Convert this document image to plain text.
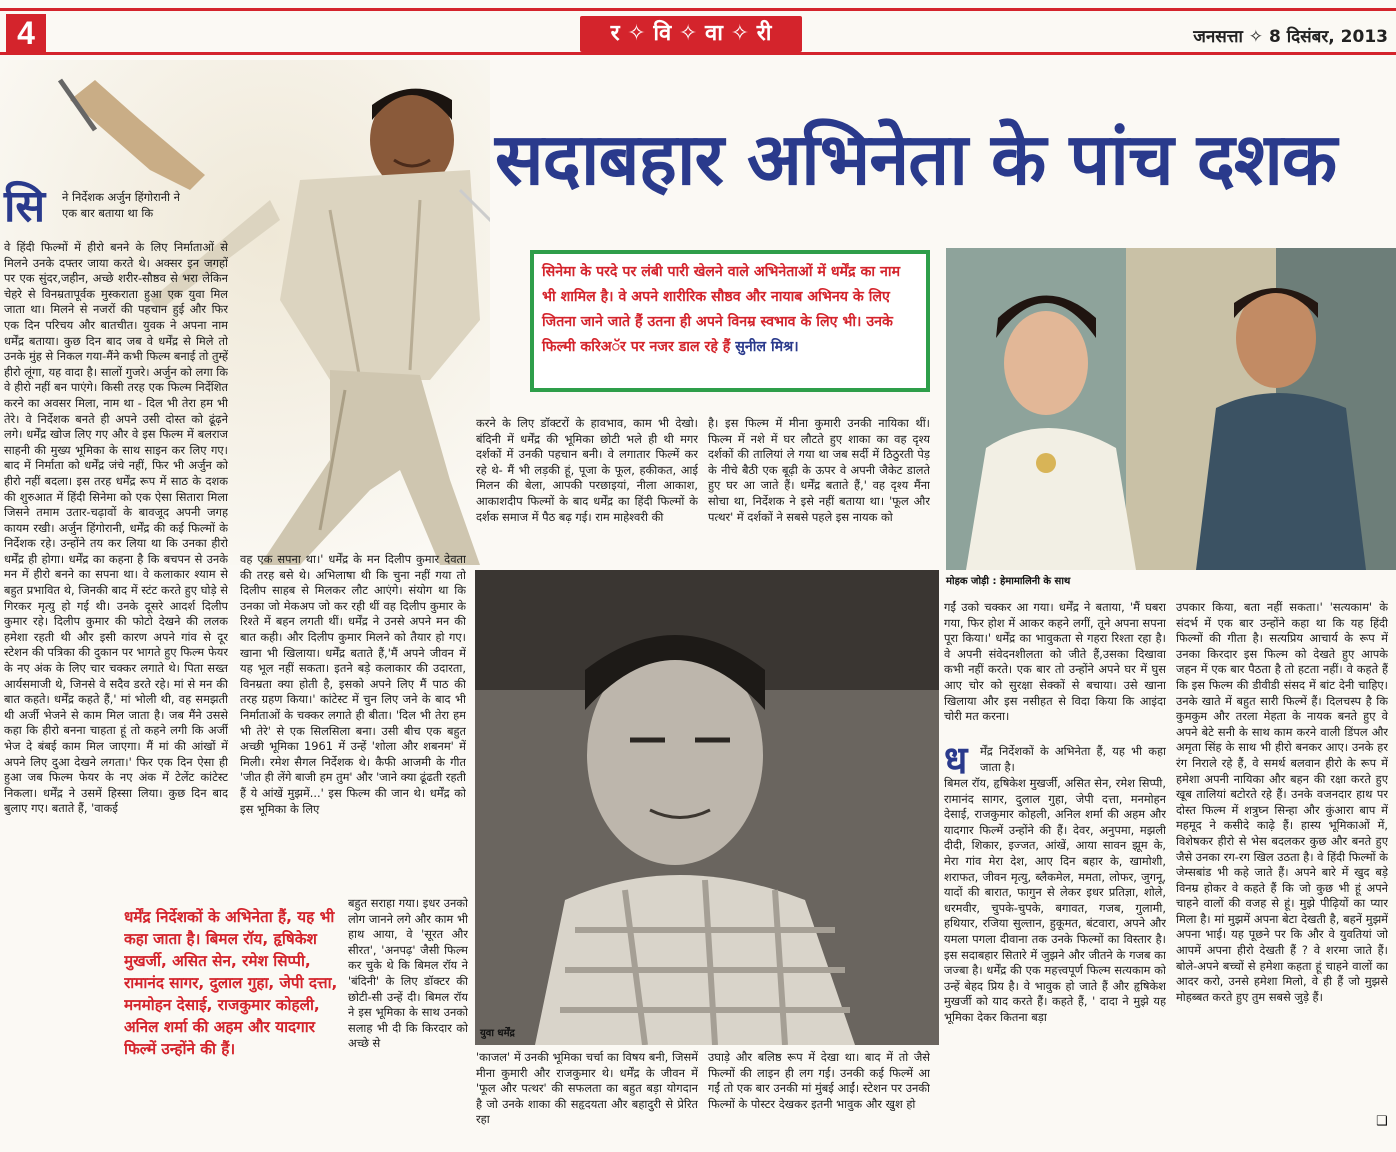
4	र ✧ वि ✧ वा ✧ री	जनसत्ता ✧ 8 दिसंबर, 2013
सदाबहार अभिनेता के पांच दशक
सिनेमा के परदे पर लंबी पारी खेलने वाले अभिनेताओं में धर्मेंद्र का नाम भी शामिल है। वे अपने शारीरिक सौष्ठव और नायाब अभिनय के लिए जितना जाने जाते हैं उतना ही अपने विनम्र स्वभाव के लिए भी। उनके फिल्मी करिअॅर पर नजर डाल रहे हैं सुनील मिश्र।
मोहक जोड़ी : हेमामालिनी के साथ
युवा धर्मेंद्र
सि ने निर्देशक अर्जुन हिंगोरानी ने एक बार बताया था कि
वे हिंदी फिल्मों में हीरो बनने के लिए निर्माताओं से मिलने उनके दफ्तर जाया करते थे। अक्सर इन जगहों पर एक सुंदर,जहीन, अच्छे शरीर-सौष्ठव से भरा लेकिन चेहरे से विनम्रतापूर्वक मुस्कराता हुआ एक युवा मिल जाता था। मिलने से नजरों की पहचान हुई और फिर एक दिन परिचय और बातचीत। युवक ने अपना नाम धर्मेंद्र बताया। कुछ दिन बाद जब वे धर्मेंद्र से मिले तो उनके मुंह से निकल गया-मैंने कभी फिल्म बनाई तो तुम्हें हीरो लूंगा, यह वादा है। सालों गुजरे। अर्जुन को लगा कि वे हीरो नहीं बन पाएंगे। किसी तरह एक फिल्म निर्देशित करने का अवसर मिला, नाम था - दिल भी तेरा हम भी तेरे। वे निर्देशक बनते ही अपने उसी दोस्त को ढूंढ़ने लगे। धर्मेंद्र खोज लिए गए और वे इस फिल्म में बलराज साहनी की मुख्य भूमिका के साथ साइन कर लिए गए। बाद में निर्माता को धर्मेंद्र जंचे नहीं, फिर भी अर्जुन को हीरो नहीं बदला। इस तरह धर्मेंद्र रूप में साठ के दशक की शुरुआत में हिंदी सिनेमा को एक ऐसा सितारा मिला जिसने तमाम उतार-चढ़ावों के बावजूद अपनी जगह कायम रखी। अर्जुन हिंगोरानी, धर्मेंद्र की कई फिल्मों के निर्देशक रहे। उन्होंने तय कर लिया था कि उनका हीरो धर्मेंद्र ही होगा। धर्मेंद्र का कहना है कि बचपन से उनके मन में हीरो बनने का सपना था। वे कलाकार श्याम से बहुत प्रभावित थे, जिनकी बाद में स्टंट करते हुए घोड़े से गिरकर मृत्यु हो गई थी। उनके दूसरे आदर्श दिलीप कुमार रहे। दिलीप कुमार की फोटो देखने की ललक हमेशा रहती थी और इसी कारण अपने गांव से दूर स्टेशन की पत्रिका की दुकान पर भागते हुए फिल्म फेयर के नए अंक के लिए चार चक्कर लगाते थे। पिता सख्त आर्यसमाजी थे, जिनसे वे सदैव डरते रहे। मां से मन की बात कहते। धर्मेंद्र कहते हैं,' मां भोली थी, वह समझती थी अर्जी भेजने से काम मिल जाता है। जब मैंने उससे कहा कि हीरो बनना चाहता हूं तो कहने लगी कि अर्जी भेज दे बंबई काम मिल जाएगा। मैं मां की आंखों में अपने लिए दुआ देखने लगता।' फिर एक दिन ऐसा ही हुआ जब फिल्म फेयर के नए अंक में टेलेंट कांटेस्ट निकला। धर्मेंद्र ने उसमें हिस्सा लिया। कुछ दिन बाद बुलाए गए। बताते हैं, 'वाकई
वह एक सपना था।' धर्मेंद्र के मन दिलीप कुमार देवता की तरह बसे थे। अभिलाषा थी कि चुना नहीं गया तो दिलीप साहब से मिलकर लौट आएंगे। संयोग था कि उनका जो मेकअप जो कर रही थीं वह दिलीप कुमार के रिश्ते में बहन लगती थीं। धर्मेंद्र ने उनसे अपने मन की बात कही। और दिलीप कुमार मिलने को तैयार हो गए। खाना भी खिलाया। धर्मेंद्र बताते हैं,'मैं अपने जीवन में यह भूल नहीं सकता। इतने बड़े कलाकार की उदारता, विनम्रता क्या होती है, इसको अपने लिए मैं पाठ की तरह ग्रहण किया।' कांटेस्ट में चुन लिए जने के बाद भी निर्माताओं के चक्कर लगाते ही बीता। 'दिल भी तेरा हम भी तेरे' से एक सिलसिला बना। उसी बीच एक बहुत अच्छी भूमिका 1961 में उन्हें 'शोला और शबनम' में मिली। रमेश सैगल निर्देशक थे। कैफी आजमी के गीत 'जीत ही लेंगे बाजी हम तुम' और 'जाने क्या ढूंढती रहती हैं ये आंखें मुझमें...' इस फिल्म की जान थे। धर्मेंद्र को इस भूमिका के लिए
बहुत सराहा गया। इधर उनको लोग जानने लगे और काम भी हाथ आया, वे 'सूरत और सीरत', 'अनपढ़' जैसी फिल्म कर चुके थे कि बिमल रॉय ने 'बंदिनी' के लिए डॉक्टर की छोटी-सी उन्हें दी। बिमल रॉय ने इस भूमिका के साथ उनको सलाह भी दी कि किरदार को अच्छे से
धर्मेंद्र निर्देशकों के अभिनेता हैं, यह भी कहा जाता है। बिमल रॉय, हृषिकेश मुखर्जी, असित सेन, रमेश सिप्पी, रामानंद सागर, दुलाल गुहा, जेपी दत्ता, मनमोहन देसाई, राजकुमार कोहली, अनिल शर्मा की अहम और यादगार फिल्में उन्होंने की हैं।
करने के लिए डॉक्टरों के हावभाव, काम भी देखो। बंदिनी में धर्मेंद्र की भूमिका छोटी भले ही थी मगर दर्शकों में उनकी पहचान बनी। वे लगातार फिल्में कर रहे थे- मैं भी लड़की हूं, पूजा के फूल, हकीकत, आई मिलन की बेला, आपकी परछाइयां, नीला आकाश, आकाशदीप फिल्मों के बाद धर्मेंद्र का हिंदी फिल्मों के दर्शक समाज में पैठ बढ़ गई। राम माहेश्वरी की
'काजल' में उनकी भूमिका चर्चा का विषय बनी, जिसमें मीना कुमारी और राजकुमार थे। धर्मेंद्र के जीवन में 'फूल और पत्थर' की सफलता का बहुत बड़ा योगदान है जो उनके शाका की सहृदयता और बहादुरी से प्रेरित रहा
है। इस फिल्म में मीना कुमारी उनकी नायिका थीं। फिल्म में नशे में घर लौटते हुए शाका का वह दृश्य दर्शकों की तालियां ले गया था जब सर्दी में ठिठुरती पेड़ के नीचे बैठी एक बूढ़ी के ऊपर वे अपनी जैकेट डालते हुए घर आ जाते हैं। धर्मेंद्र बताते हैं,' वह दृश्य मैंना सोचा था, निर्देशक ने इसे नहीं बताया था। 'फूल और पत्थर' में दर्शकों ने सबसे पहले इस नायक को
उघाड़े और बलिष्ठ रूप में देखा था। बाद में तो जैसे फिल्मों की लाइन ही लग गई। उनकी कई फिल्में आ गईं तो एक बार उनकी मां मुंबई आईं। स्टेशन पर उनकी फिल्मों के पोस्टर देखकर इतनी भावुक और खुश हो
गईं उको चक्कर आ गया। धर्मेंद्र ने बताया, 'मैं घबरा गया, फिर होश में आकर कहने लगीं, तूने अपना सपना पूरा किया।' धर्मेंद्र का भावुकता से गहरा रिश्ता रहा है। वे अपनी संवेदनशीलता को जीते हैं,उसका दिखावा कभी नहीं करते। एक बार तो उन्होंने अपने घर में घुस आए चोर को सुरक्षा सेक्कों से बचाया। उसे खाना खिलाया और इस नसीहत से विदा किया कि आइंदा चोरी मत करना।
ध र्मेंद्र निर्देशकों के अभिनेता हैं, यह भी कहा जाता है।
बिमल रॉय, हृषिकेश मुखर्जी, असित सेन, रमेश सिप्पी, रामानंद सागर, दुलाल गुहा, जेपी दत्ता, मनमोहन देसाई, राजकुमार कोहली, अनिल शर्मा की अहम और यादगार फिल्में उन्होंने की हैं। देवर, अनुपमा, मझली दीदी, शिकार, इज्जत, आंखें, आया सावन झूम के, मेरा गांव मेरा देश, आए दिन बहार के, खामोशी, शराफत, जीवन मृत्यु, ब्लैकमेल, ममता, लोफर, जुगनू, यादों की बारात, फागुन से लेकर इधर प्रतिज्ञा, शोले, धरमवीर, चुपके-चुपके, बगावत, गजब, गुलामी, हथियार, रजिया सुल्तान, हुकूमत, बंटवारा, अपने और यमला पगला दीवाना तक उनके फिल्मों का विस्तार है। इस सदाबहार सितारे में जुझने और जीतने के गजब का जज्बा है। धर्मेंद्र की एक महत्त्वपूर्ण फिल्म सत्यकाम को उन्हें बेहद प्रिय है। वे भावुक हो जाते हैं और हृषिकेश मुखर्जी को याद करते हैं। कहते हैं, ' दादा ने मुझे यह भूमिका देकर कितना बड़ा
उपकार किया, बता नहीं सकता।' 'सत्यकाम' के संदर्भ में एक बार उन्होंने कहा था कि यह हिंदी फिल्मों की गीता है। सत्यप्रिय आचार्य के रूप में उनका किरदार इस फिल्म को देखते हुए आपके जहन में एक बार पैठता है तो हटता नहीं। वे कहते हैं कि इस फिल्म की डीवीडी संसद में बांट देनी चाहिए। उनके खाते में बहुत सारी फिल्में हैं। दिलचस्प है कि कुमकुम और तरला मेहता के नायक बनते हुए वे अपने बेटे सनी के साथ काम करने वाली डिंपल और अमृता सिंह के साथ भी हीरो बनकर आए। उनके हर रंग निराले रहे हैं, वे समर्थ बलवान हीरो के रूप में हमेशा अपनी नायिका और बहन की रक्षा करते हुए खूब तालियां बटोरते रहे हैं। उनके वजनदार हाथ पर दोस्त फिल्म में शत्रुघ्न सिन्हा और कुंआरा बाप में महमूद ने कसीदे काढ़े हैं। हास्य भूमिकाओं में, विशेषकर हीरो से भेस बदलकर कुछ और बनते हुए जैसे उनका रग-रग खिल उठता है। वे हिंदी फिल्मों के जेम्सबांड भी कहे जाते हैं। अपने बारे में खुद बड़े विनम्र होकर वे कहते हैं कि जो कुछ भी हूं अपने चाहने वालों की वजह से हूं। मुझे पीढ़ियों का प्यार मिला है। मां मुझमें अपना बेटा देखती है, बहनें मुझमें अपना भाई। यह पूछने पर कि और वे युवतियां जो आपमें अपना हीरो देखती हैं ? वे शरमा जाते हैं। बोले-अपने बच्चों से हमेशा कहता हूं चाहने वालों का आदर करो, उनसे हमेशा मिलो, वे ही हैं जो मुझसे मोहब्बत करते हुए तुम सबसे जुड़े हैं।
❑
